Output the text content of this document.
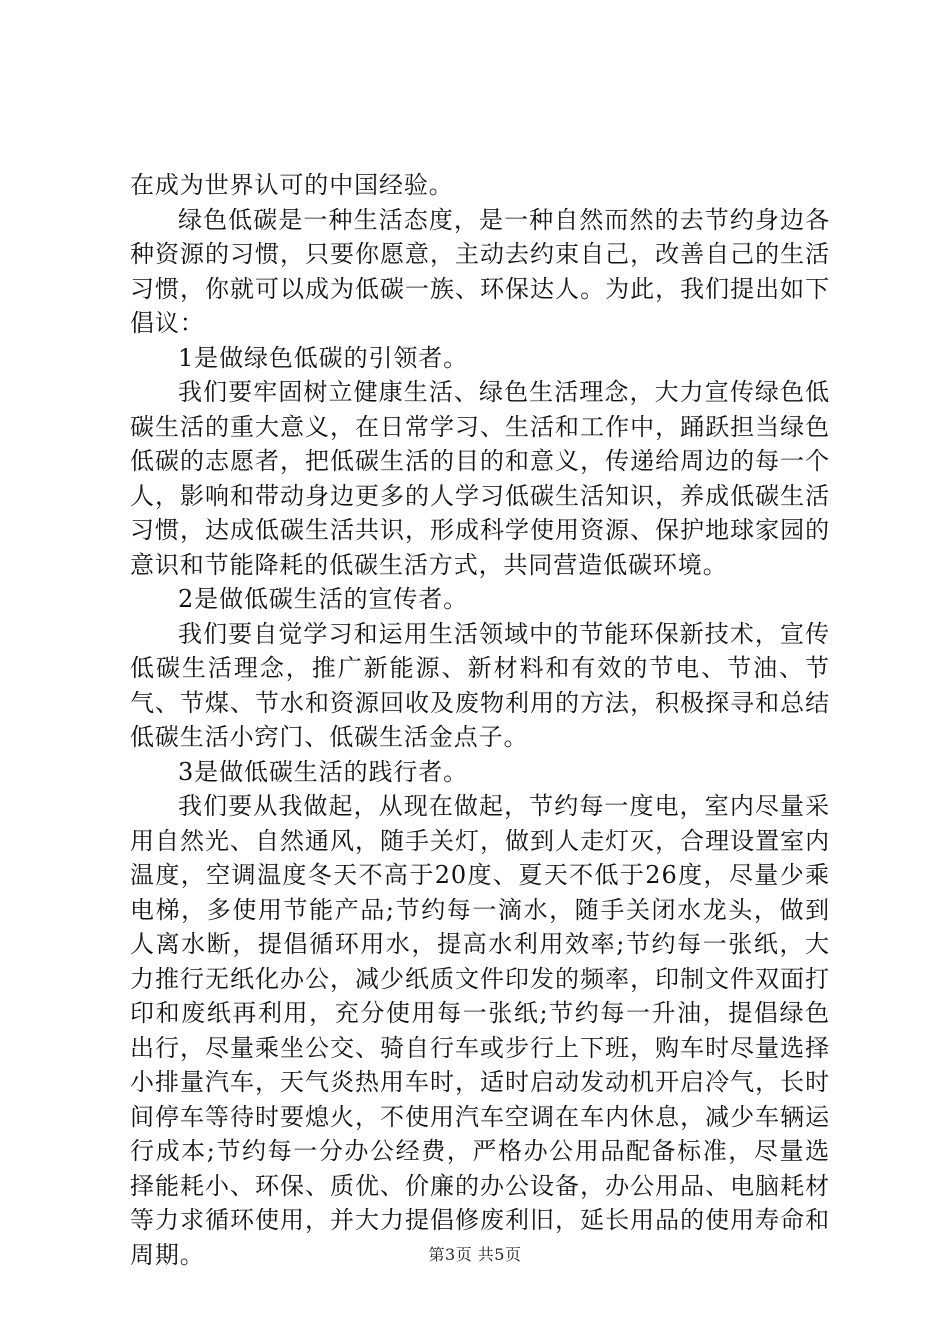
在成为世界认可的中国经验。

绿色低碳是一种生活态度，是一种自然而然的去节约身边各种资源的习惯，只要你愿意，主动去约束自己，改善自己的生活习惯，你就可以成为低碳一族、环保达人。为此，我们提出如下倡议：

1是做绿色低碳的引领者。

我们要牢固树立健康生活、绿色生活理念，大力宣传绿色低碳生活的重大意义，在日常学习、生活和工作中，踊跃担当绿色低碳的志愿者，把低碳生活的目的和意义，传递给周边的每一个人，影响和带动身边更多的人学习低碳生活知识，养成低碳生活习惯，达成低碳生活共识，形成科学使用资源、保护地球家园的意识和节能降耗的低碳生活方式，共同营造低碳环境。

2是做低碳生活的宣传者。

我们要自觉学习和运用生活领域中的节能环保新技术，宣传低碳生活理念，推广新能源、新材料和有效的节电、节油、节气、节煤、节水和资源回收及废物利用的方法，积极探寻和总结低碳生活小窍门、低碳生活金点子。

3是做低碳生活的践行者。

我们要从我做起，从现在做起，节约每一度电，室内尽量采用自然光、自然通风，随手关灯，做到人走灯灭，合理设置室内温度，空调温度冬天不高于20度、夏天不低于26度，尽量少乘电梯，多使用节能产品;节约每一滴水，随手关闭水龙头，做到人离水断，提倡循环用水，提高水利用效率;节约每一张纸，大力推行无纸化办公，减少纸质文件印发的频率，印制文件双面打印和废纸再利用，充分使用每一张纸;节约每一升油，提倡绿色出行，尽量乘坐公交、骑自行车或步行上下班，购车时尽量选择小排量汽车，天气炎热用车时，适时启动发动机开启冷气，长时间停车等待时要熄火，不使用汽车空调在车内休息，减少车辆运行成本;节约每一分办公经费，严格办公用品配备标准，尽量选择能耗小、环保、质优、价廉的办公设备，办公用品、电脑耗材等力求循环使用，并大力提倡修废利旧，延长用品的使用寿命和周期。	第3页 共5页
